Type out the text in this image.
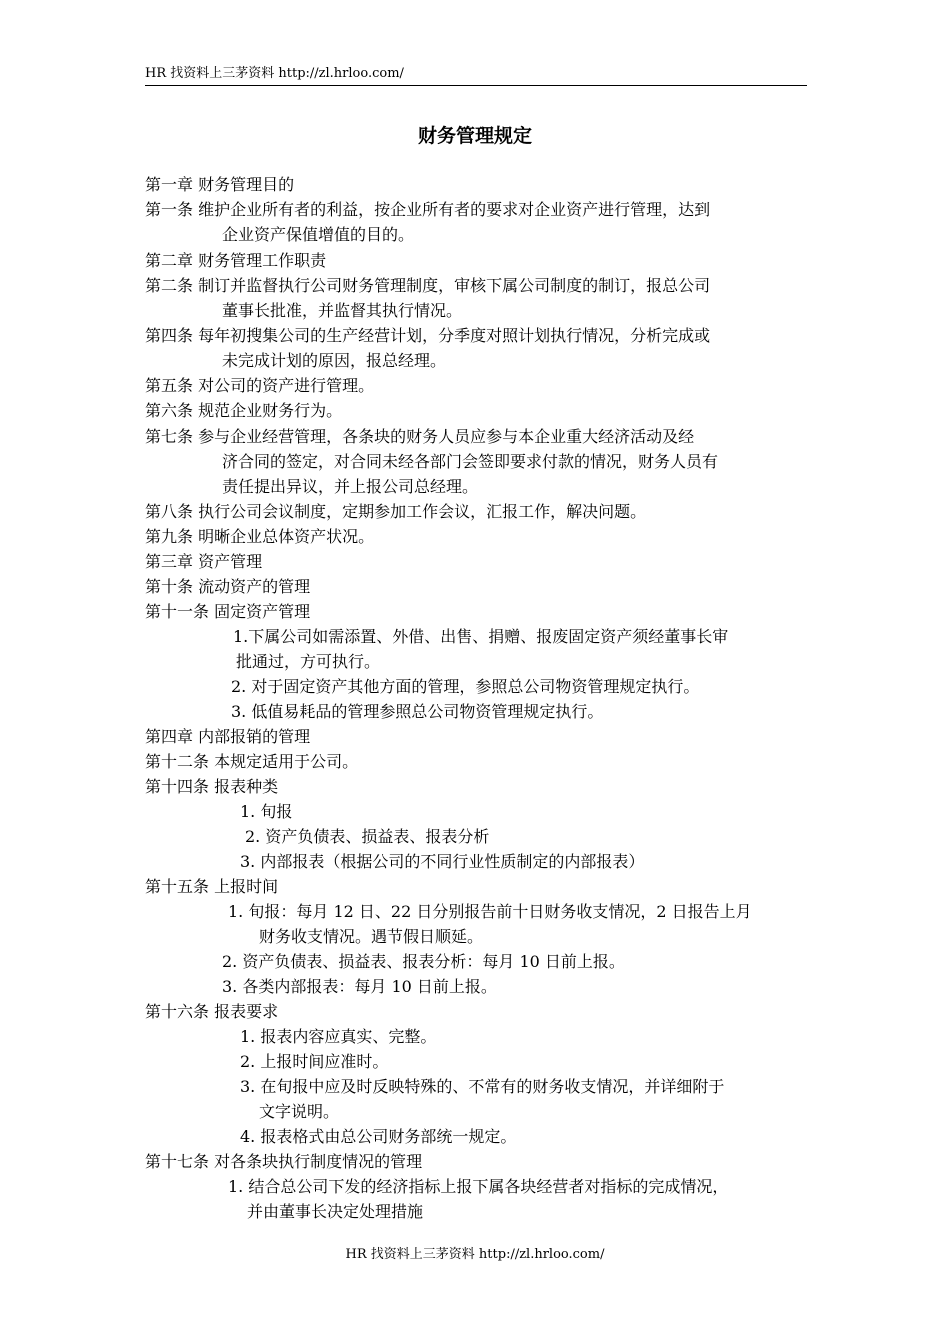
HR 找资料上三茅资料 http://zl.hrloo.com/
财务管理规定
第一章 财务管理目的
第一条 维护企业所有者的利益，按企业所有者的要求对企业资产进行管理，达到
企业资产保值增值的目的。
第二章 财务管理工作职责
第二条 制订并监督执行公司财务管理制度，审核下属公司制度的制订，报总公司
董事长批准，并监督其执行情况。
第四条 每年初搜集公司的生产经营计划，分季度对照计划执行情况，分析完成或
未完成计划的原因，报总经理。
第五条 对公司的资产进行管理。
第六条 规范企业财务行为。
第七条 参与企业经营管理，各条块的财务人员应参与本企业重大经济活动及经
济合同的签定，对合同未经各部门会签即要求付款的情况，财务人员有
责任提出异议，并上报公司总经理。
第八条 执行公司会议制度，定期参加工作会议，汇报工作，解决问题。
第九条 明晰企业总体资产状况。
第三章 资产管理
第十条 流动资产的管理
第十一条 固定资产管理
1.下属公司如需添置、外借、出售、捐赠、报废固定资产须经董事长审
批通过，方可执行。
2. 对于固定资产其他方面的管理，参照总公司物资管理规定执行。
3. 低值易耗品的管理参照总公司物资管理规定执行。
第四章 内部报销的管理
第十二条 本规定适用于公司。
第十四条 报表种类
1. 旬报
2. 资产负债表、损益表、报表分析
3. 内部报表（根据公司的不同行业性质制定的内部报表）
第十五条 上报时间
1. 旬报：每月 12 日、22 日分别报告前十日财务收支情况，2 日报告上月
财务收支情况。遇节假日顺延。
2. 资产负债表、损益表、报表分析：每月 10 日前上报。
3. 各类内部报表：每月 10 日前上报。
第十六条 报表要求
1. 报表内容应真实、完整。
2. 上报时间应准时。
3. 在旬报中应及时反映特殊的、不常有的财务收支情况，并详细附于
文字说明。
4. 报表格式由总公司财务部统一规定。
第十七条 对各条块执行制度情况的管理
1. 结合总公司下发的经济指标上报下属各块经营者对指标的完成情况，
并由董事长决定处理措施
HR 找资料上三茅资料 http://zl.hrloo.com/
